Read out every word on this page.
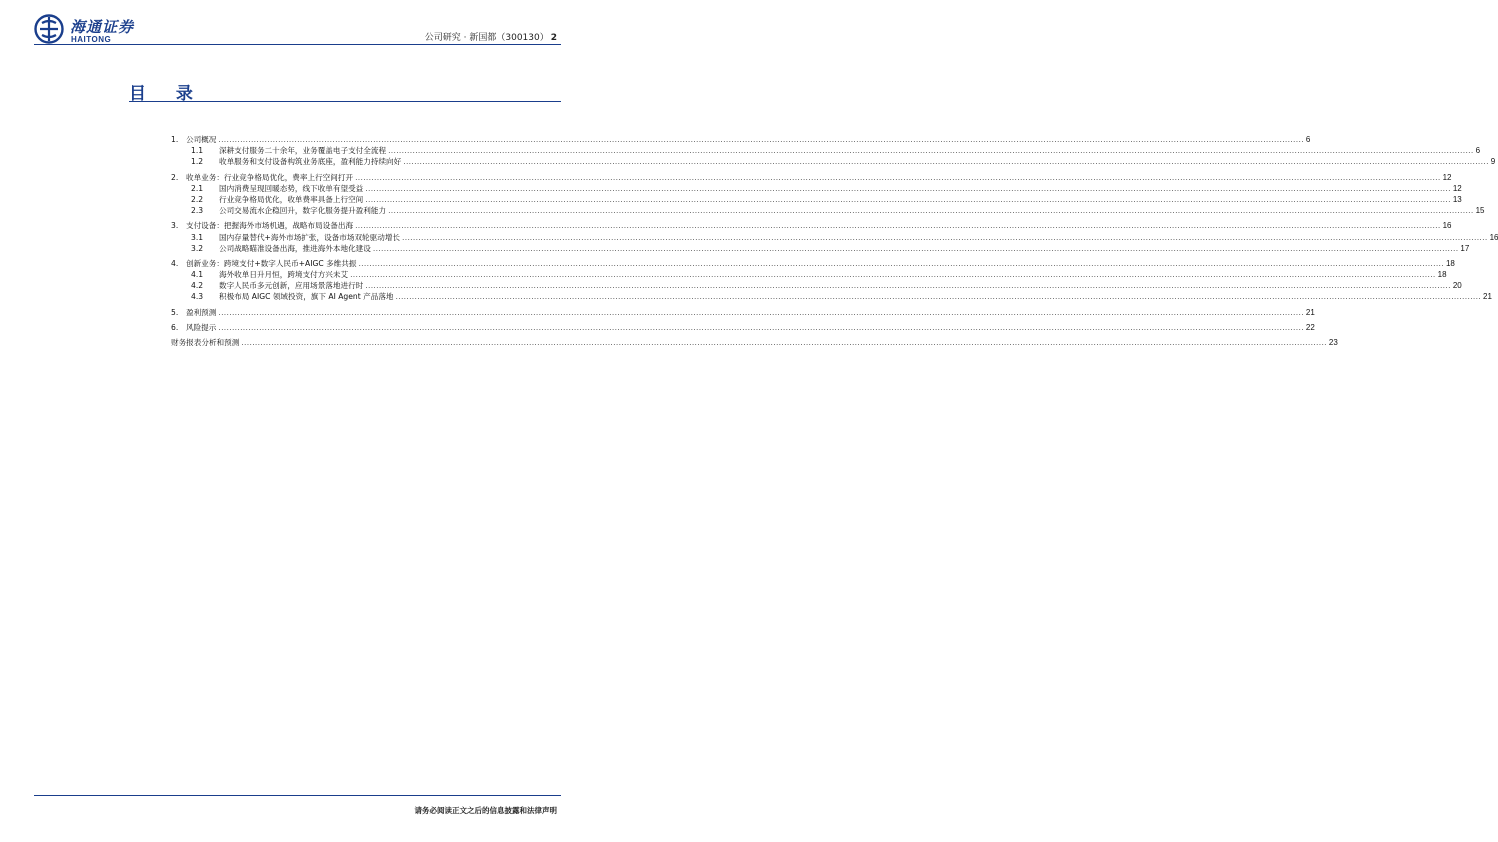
海通证券
HAITONG	公司研究 · 新国都（300130） 2
目 录
1.	公司概况 ................................................................................................................................................................................................................................................................................................................................................................................................................ 6
1.1	深耕支付服务二十余年，业务覆盖电子支付全流程 ................................................................................................................................................................................................................................................................................................................................................................................................................ 6
1.2	收单服务和支付设备构筑业务底座，盈利能力持续向好 ................................................................................................................................................................................................................................................................................................................................................................................................................ 9
2.	收单业务：行业竞争格局优化，费率上行空间打开 ................................................................................................................................................................................................................................................................................................................................................................................................................ 12
2.1	国内消费呈现回暖态势，线下收单有望受益 ................................................................................................................................................................................................................................................................................................................................................................................................................ 12
2.2	行业竞争格局优化，收单费率具备上行空间 ................................................................................................................................................................................................................................................................................................................................................................................................................ 13
2.3	公司交易流水企稳回升，数字化服务提升盈利能力 ................................................................................................................................................................................................................................................................................................................................................................................................................ 15
3.	支付设备：把握海外市场机遇，战略布局设备出海 ................................................................................................................................................................................................................................................................................................................................................................................................................ 16
3.1	国内存量替代+海外市场扩张，设备市场双轮驱动增长 ................................................................................................................................................................................................................................................................................................................................................................................................................ 16
3.2	公司战略瞄准设备出海，推进海外本地化建设 ................................................................................................................................................................................................................................................................................................................................................................................................................ 17
4.	创新业务：跨境支付+数字人民币+AIGC 多维共振 ................................................................................................................................................................................................................................................................................................................................................................................................................ 18
4.1	海外收单日升月恒，跨境支付方兴未艾 ................................................................................................................................................................................................................................................................................................................................................................................................................ 18
4.2	数字人民币多元创新，应用场景落地进行时 ................................................................................................................................................................................................................................................................................................................................................................................................................ 20
4.3	积极布局 AIGC 领域投资，旗下 AI Agent 产品落地 ................................................................................................................................................................................................................................................................................................................................................................................................................ 21
5.	盈利预测 ................................................................................................................................................................................................................................................................................................................................................................................................................ 21
6.	风险提示 ................................................................................................................................................................................................................................................................................................................................................................................................................ 22
财务报表分析和预测 ................................................................................................................................................................................................................................................................................................................................................................................................................ 23
请务必阅读正文之后的信息披露和法律声明
